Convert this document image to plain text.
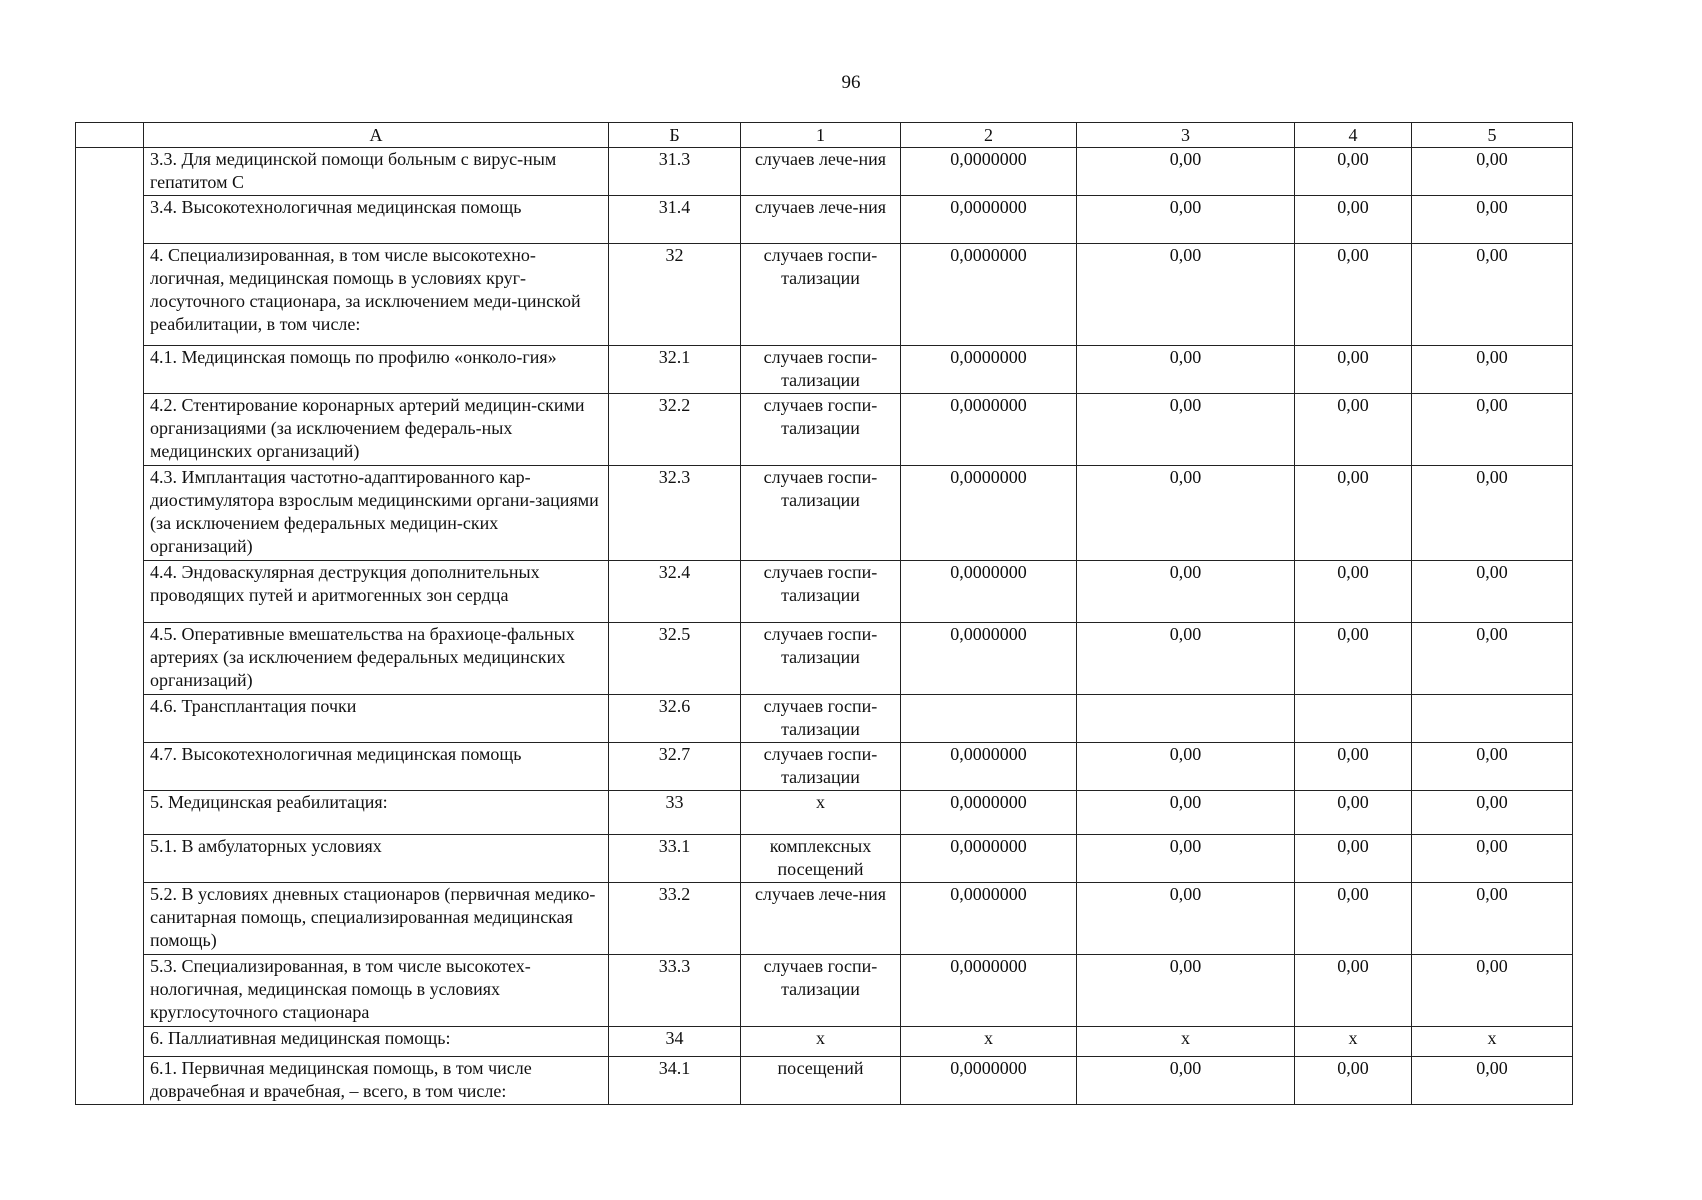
96
	А	Б	1	2	3	4	5
	3.3. Для медицинской помощи больным с вирус-ным гепатитом С	31.3	случаев лече-ния	0,0000000	0,00	0,00	0,00
	3.4. Высокотехнологичная медицинская помощь	31.4	случаев лече-ния	0,0000000	0,00	0,00	0,00
	4. Специализированная, в том числе высокотехно-логичная, медицинская помощь в условиях круг-лосуточного стационара, за исключением меди-цинской реабилитации, в том числе:	32	случаев госпи-тализации	0,0000000	0,00	0,00	0,00
	4.1. Медицинская помощь по профилю «онколо-гия»	32.1	случаев госпи-тализации	0,0000000	0,00	0,00	0,00
	4.2. Стентирование коронарных артерий медицин-скими организациями (за исключением федераль-ных медицинских организаций)	32.2	случаев госпи-тализации	0,0000000	0,00	0,00	0,00
	4.3. Имплантация частотно-адаптированного кар-диостимулятора взрослым медицинскими органи-зациями (за исключением федеральных медицин-ских организаций)	32.3	случаев госпи-тализации	0,0000000	0,00	0,00	0,00
	4.4. Эндоваскулярная деструкция дополнительных проводящих путей и аритмогенных зон сердца	32.4	случаев госпи-тализации	0,0000000	0,00	0,00	0,00
	4.5. Оперативные вмешательства на брахиоце-фальных артериях (за исключением федеральных медицинских организаций)	32.5	случаев госпи-тализации	0,0000000	0,00	0,00	0,00
	4.6. Трансплантация почки	32.6	случаев госпи-тализации				
	4.7. Высокотехнологичная медицинская помощь	32.7	случаев госпи-тализации	0,0000000	0,00	0,00	0,00
	5. Медицинская реабилитация:	33	х	0,0000000	0,00	0,00	0,00
	5.1. В амбулаторных условиях	33.1	комплексных посещений	0,0000000	0,00	0,00	0,00
	5.2. В условиях дневных стационаров (первичная медико-санитарная помощь, специализированная медицинская помощь)	33.2	случаев лече-ния	0,0000000	0,00	0,00	0,00
	5.3. Специализированная, в том числе высокотех-нологичная, медицинская помощь в условиях круглосуточного стационара	33.3	случаев госпи-тализации	0,0000000	0,00	0,00	0,00
	6. Паллиативная медицинская помощь:	34	х	х	х	х	х
	6.1. Первичная медицинская помощь, в том числе доврачебная и врачебная, – всего, в том числе:	34.1	посещений	0,0000000	0,00	0,00	0,00
